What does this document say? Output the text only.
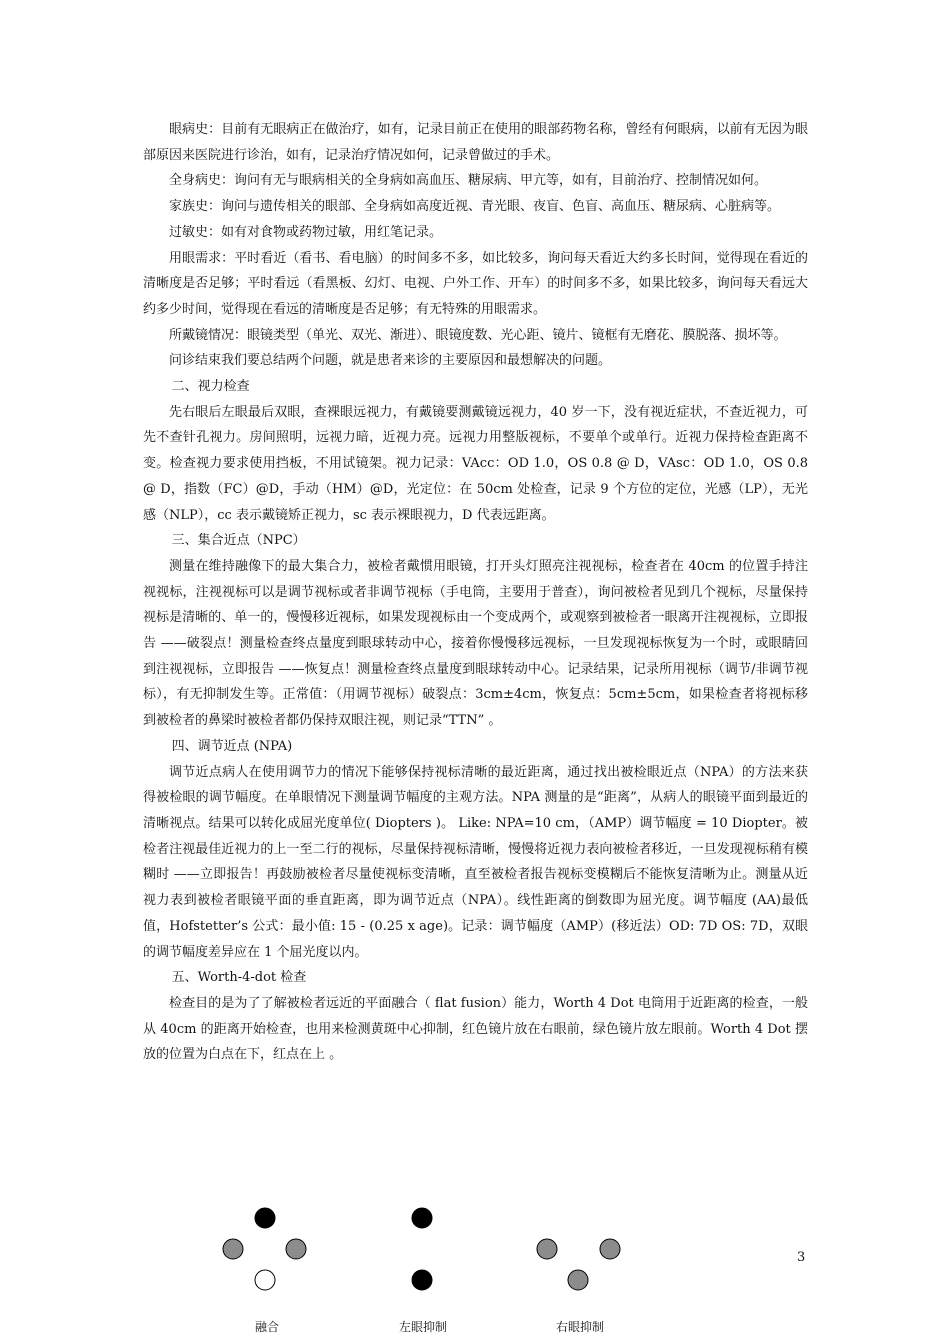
眼病史：目前有无眼病正在做治疗，如有，记录目前正在使用的眼部药物名称，曾经有何眼病，以前有无因为眼部原因来医院进行诊治，如有，记录治疗情况如何，记录曾做过的手术。

全身病史：询问有无与眼病相关的全身病如高血压、糖尿病、甲亢等，如有，目前治疗、控制情况如何。

家族史：询问与遗传相关的眼部、全身病如高度近视、青光眼、夜盲、色盲、高血压、糖尿病、心脏病等。

过敏史：如有对食物或药物过敏，用红笔记录。

用眼需求：平时看近（看书、看电脑）的时间多不多，如比较多，询问每天看近大约多长时间，觉得现在看近的清晰度是否足够；平时看远（看黑板、幻灯、电视、户外工作、开车）的时间多不多，如果比较多，询问每天看远大约多少时间，觉得现在看远的清晰度是否足够；有无特殊的用眼需求。

所戴镜情况：眼镜类型（单光、双光、渐进）、眼镜度数、光心距、镜片、镜框有无磨花、膜脱落、损坏等。

问诊结束我们要总结两个问题，就是患者来诊的主要原因和最想解决的问题。

二、视力检查

先右眼后左眼最后双眼，查裸眼远视力，有戴镜要测戴镜远视力，40 岁一下，没有视近症状，不查近视力，可先不查针孔视力。房间照明，远视力暗，近视力亮。远视力用整版视标，不要单个或单行。近视力保持检查距离不变。检查视力要求使用挡板，不用试镜架。视力记录：VAcc：OD 1.0，OS 0.8 @ D，VAsc：OD 1.0，OS 0.8 @ D，指数（FC）@D，手动（HM）@D，光定位：在 50cm 处检查，记录 9 个方位的定位，光感（LP），无光感（NLP），cc 表示戴镜矫正视力，sc 表示裸眼视力，D 代表远距离。

三、集合近点（NPC）

测量在维持融像下的最大集合力，被检者戴惯用眼镜，打开头灯照亮注视视标，检查者在 40cm 的位置手持注视视标，注视视标可以是调节视标或者非调节视标（手电筒，主要用于普查），询问被检者见到几个视标，尽量保持视标是清晰的、单一的，慢慢移近视标，如果发现视标由一个变成两个，或观察到被检者一眼离开注视视标，立即报告 ——破裂点！测量检查终点量度到眼球转动中心，接着你慢慢移远视标，一旦发现视标恢复为一个时，或眼睛回到注视视标，立即报告 ——恢复点！测量检查终点量度到眼球转动中心。记录结果，记录所用视标（调节/非调节视标），有无抑制发生等。正常值：（用调节视标）破裂点：3cm±4cm，恢复点：5cm±5cm，如果检查者将视标移到被检者的鼻梁时被检者都仍保持双眼注视，则记录“TTN” 。

四、调节近点 (NPA)

调节近点病人在使用调节力的情况下能够保持视标清晰的最近距离，通过找出被检眼近点（NPA）的方法来获得被检眼的调节幅度。在单眼情况下测量调节幅度的主观方法。NPA 测量的是“距离”，从病人的眼镜平面到最近的清晰视点。结果可以转化成屈光度单位( Diopters )。 Like: NPA=10 cm，（AMP）调节幅度 = 10 Diopter。被检者注视最佳近视力的上一至二行的视标，尽量保持视标清晰，慢慢将近视力表向被检者移近，一旦发现视标稍有模糊时 ——立即报告！再鼓励被检者尽量使视标变清晰，直至被检者报告视标变模糊后不能恢复清晰为止。测量从近视力表到被检者眼镜平面的垂直距离，即为调节近点（NPA）。线性距离的倒数即为屈光度。调节幅度 (AA)最低值，Hofstetter’s 公式：最小值: 15 - (0.25 x age)。记录：调节幅度（AMP）(移近法）OD: 7D OS: 7D，双眼的调节幅度差异应在 1 个屈光度以内。

五、Worth-4-dot 检查

检查目的是为了了解被检者远近的平面融合（ flat fusion）能力，Worth 4 Dot 电筒用于近距离的检查，一般从 40cm 的距离开始检查，也用来检测黄斑中心抑制，红色镜片放在右眼前，绿色镜片放左眼前。Worth 4 Dot 摆放的位置为白点在下，红点在上 。

3
融合	左眼抑制	右眼抑制
